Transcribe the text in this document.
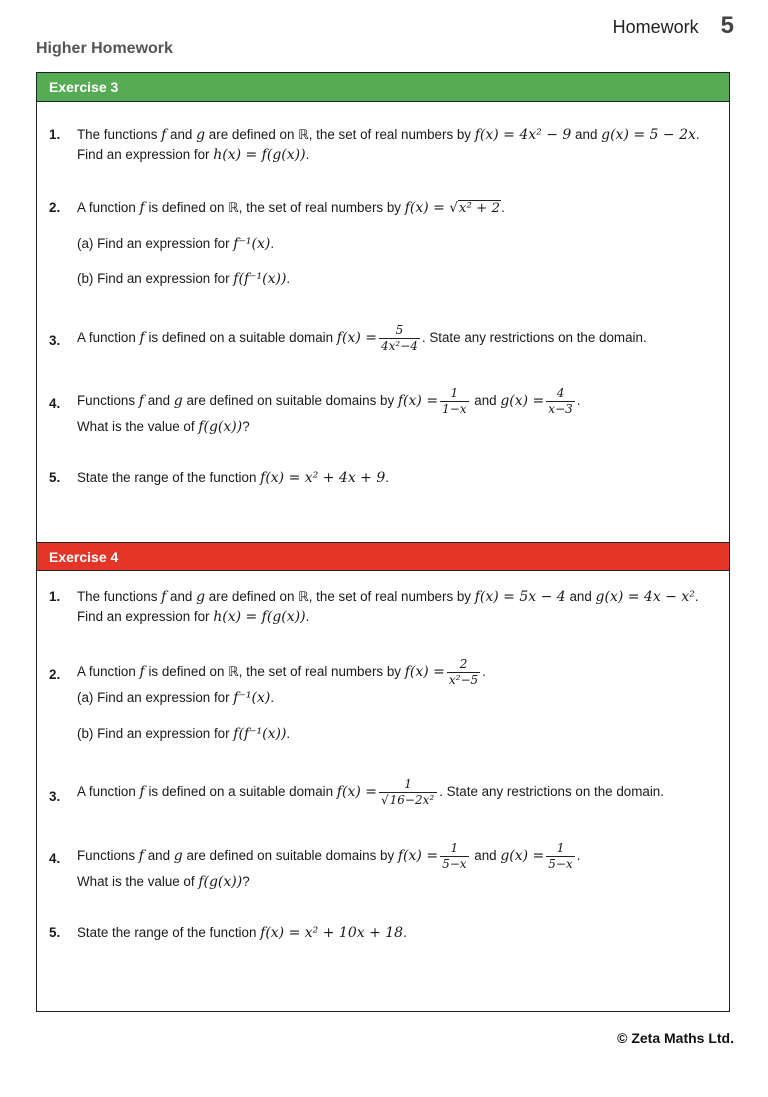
Homework 5
Higher Homework
Exercise 3
1. The functions f and g are defined on ℝ, the set of real numbers by f(x) = 4x² − 9 and g(x) = 5 − 2x.
Find an expression for h(x) = f(g(x)).
2. A function f is defined on ℝ, the set of real numbers by f(x) = √x² + 2.
(a) Find an expression for f⁻¹(x).
(b) Find an expression for f(f⁻¹(x)).
3. A function f is defined on a suitable domain $f(x) = \frac{5}{\text{4x²−4}}$ . State any restrictions on the domain.
4. Functions f and g are defined on suitable domains by $f(x) = \frac{1}{1-x}$ and $g(x) = \frac{4}{x-3}$ .
What is the value of f(g(x))?
5. State the range of the function f(x) = x² + 4x + 9.
Exercise 4
1. The functions f and g are defined on ℝ, the set of real numbers by f(x) = 5x − 4 and g(x) = 4x − x².
Find an expression for h(x) = f(g(x)).
2. A function f is defined on ℝ, the set of real numbers by $f(x) = \frac{2}{\text{x²−5}}$ .
(a) Find an expression for f⁻¹(x).
(b) Find an expression for f(f⁻¹(x)).
3. A function f is defined on a suitable domain $f(x) = \frac{1}{\text{√16−2x²}}$ . State any restrictions on the domain.
4. Functions f and g are defined on suitable domains by $f(x) = \frac{1}{5-x}$ and $g(x) = \frac{1}{5-x}$ .
What is the value of f(g(x))?
5. State the range of the function f(x) = x² + 10x + 18.
© Zeta Maths Ltd.
